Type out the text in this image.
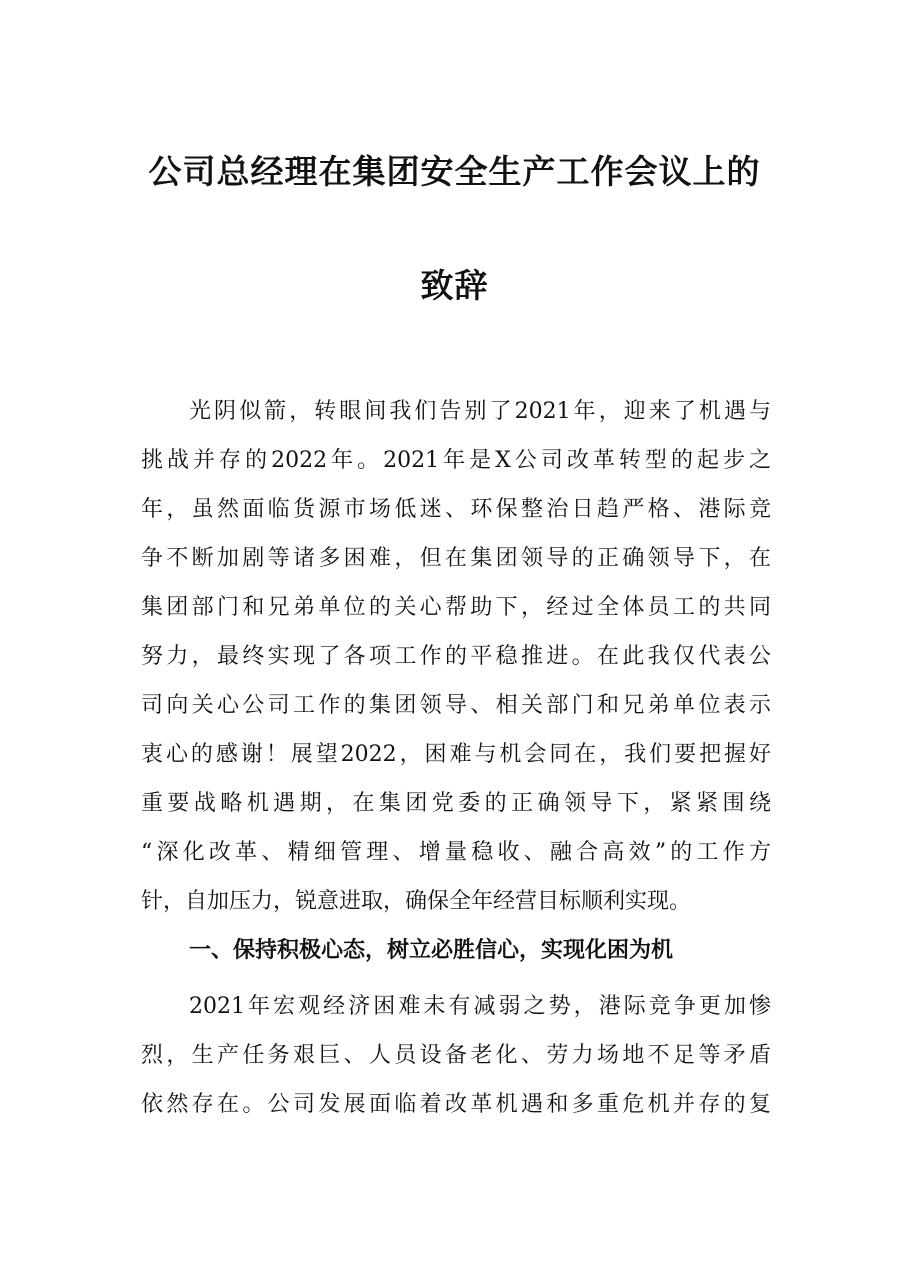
公司总经理在集团安全生产工作会议上的
致辞
光阴似箭，转眼间我们告别了2021年，迎来了机遇与
挑战并存的2022年。2021年是X公司改革转型的起步之
年，虽然面临货源市场低迷、环保整治日趋严格、港际竞
争不断加剧等诸多困难，但在集团领导的正确领导下，在
集团部门和兄弟单位的关心帮助下，经过全体员工的共同
努力，最终实现了各项工作的平稳推进。在此我仅代表公
司向关心公司工作的集团领导、相关部门和兄弟单位表示
衷心的感谢！展望2022，困难与机会同在，我们要把握好
重要战略机遇期，在集团党委的正确领导下，紧紧围绕
“深化改革、精细管理、增量稳收、融合高效”的工作方
针，自加压力，锐意进取，确保全年经营目标顺利实现。
一、保持积极心态，树立必胜信心，实现化困为机
2021年宏观经济困难未有减弱之势，港际竞争更加惨
烈，生产任务艰巨、人员设备老化、劳力场地不足等矛盾
依然存在。公司发展面临着改革机遇和多重危机并存的复
